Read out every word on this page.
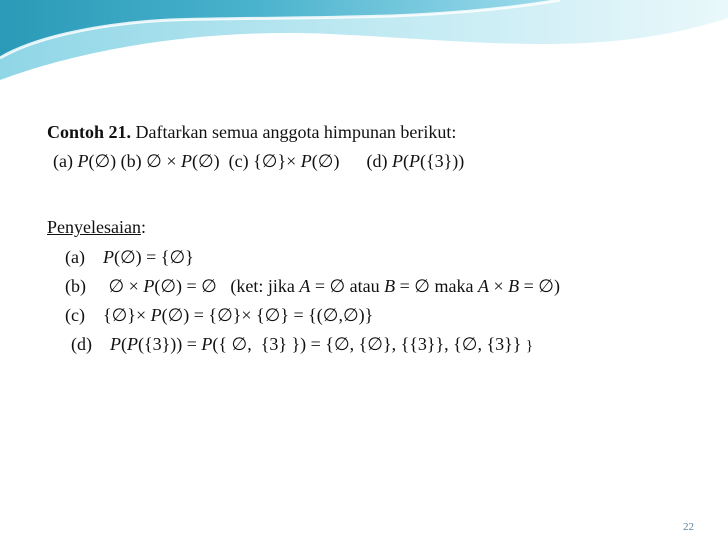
Contoh 21. Daftarkan semua anggota himpunan berikut:

(a) P(∅) (b) ∅ × P(∅)  (c) {∅}× P(∅)      (d) P(P({3}))

Penyelesaian:

(a)    P(∅) = {∅}

(b)     ∅ × P(∅) = ∅   (ket: jika A = ∅ atau B = ∅ maka A × B = ∅)

(c)    {∅}× P(∅) = {∅}× {∅} = {(∅,∅)}

(d)    P(P({3})) = P({ ∅,  {3} }) = {∅, {∅}, {{3}}, {∅, {3}} }

22
